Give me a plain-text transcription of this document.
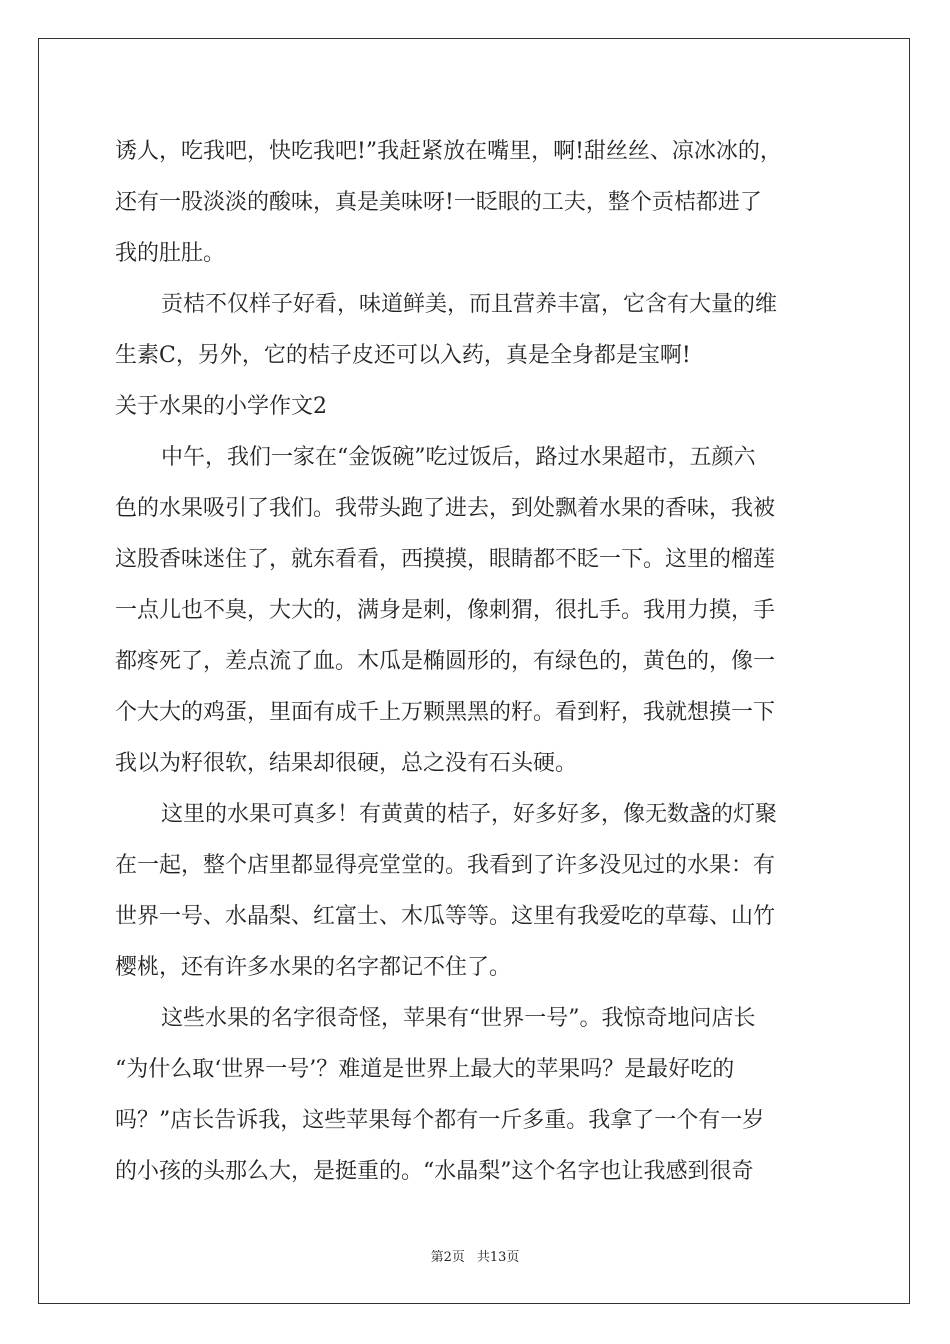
诱人，吃我吧，快吃我吧!”我赶紧放在嘴里，啊!甜丝丝、凉冰冰的，
还有一股淡淡的酸味，真是美味呀!一眨眼的工夫，整个贡桔都进了
我的肚肚。
贡桔不仅样子好看，味道鲜美，而且营养丰富，它含有大量的维
生素C，另外，它的桔子皮还可以入药，真是全身都是宝啊!
关于水果的小学作文2
中午，我们一家在“金饭碗”吃过饭后，路过水果超市，五颜六
色的水果吸引了我们。我带头跑了进去，到处飘着水果的香味，我被
这股香味迷住了，就东看看，西摸摸，眼睛都不眨一下。这里的榴莲
一点儿也不臭，大大的，满身是刺，像刺猬，很扎手。我用力摸，手
都疼死了，差点流了血。木瓜是椭圆形的，有绿色的，黄色的，像一
个大大的鸡蛋，里面有成千上万颗黑黑的籽。看到籽，我就想摸一下
我以为籽很软，结果却很硬，总之没有石头硬。
这里的水果可真多！有黄黄的桔子，好多好多，像无数盏的灯聚
在一起，整个店里都显得亮堂堂的。我看到了许多没见过的水果：有
世界一号、水晶梨、红富士、木瓜等等。这里有我爱吃的草莓、山竹
樱桃，还有许多水果的名字都记不住了。
这些水果的名字很奇怪，苹果有“世界一号”。我惊奇地问店长
“为什么取‘世界一号’？难道是世界上最大的苹果吗？是最好吃的
吗？”店长告诉我，这些苹果每个都有一斤多重。我拿了一个有一岁
的小孩的头那么大，是挺重的。“水晶梨”这个名字也让我感到很奇
第2页 共13页
